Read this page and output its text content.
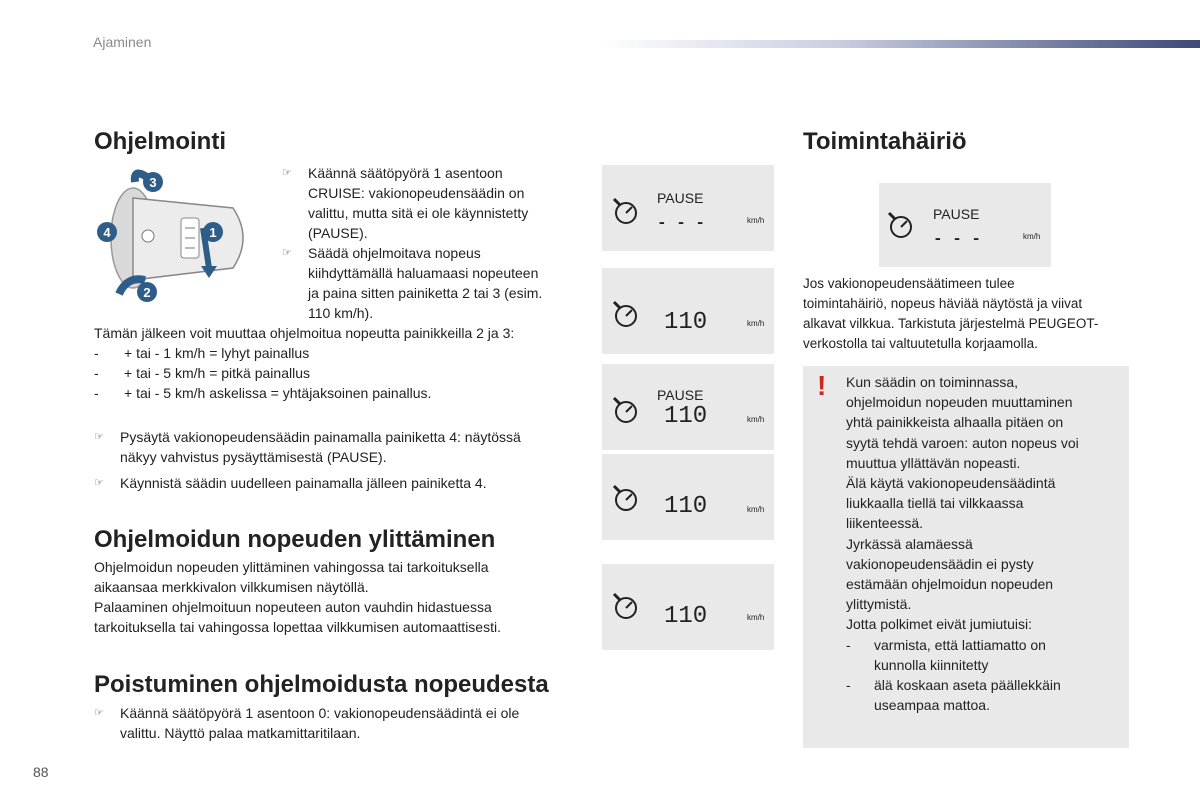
Ajaminen
Ohjelmointi
3
1
4
2
☞ Käännä säätöpyörä 1 asentoon
CRUISE: vakionopeudensäädin on
valittu, mutta sitä ei ole käynnistetty
(PAUSE).
☞ Säädä ohjelmoitava nopeus
kiihdyttämällä haluamaasi nopeuteen
ja paina sitten painiketta 2 tai 3 (esim.
110 km/h).
Tämän jälkeen voit muuttaa ohjelmoitua nopeutta painikkeilla 2 ja 3:
- + tai - 1 km/h = lyhyt painallus
- + tai - 5 km/h = pitkä painallus
- + tai - 5 km/h askelissa = yhtäjaksoinen painallus.
☞ Pysäytä vakionopeudensäädin painamalla painiketta 4: näytössä
näkyy vahvistus pysäyttämisestä (PAUSE).
☞ Käynnistä säädin uudelleen painamalla jälleen painiketta 4.
Ohjelmoidun nopeuden ylittäminen
Ohjelmoidun nopeuden ylittäminen vahingossa tai tarkoituksella
aikaansaa merkkivalon vilkkumisen näytöllä.
Palaaminen ohjelmoituun nopeuteen auton vauhdin hidastuessa
tarkoituksella tai vahingossa lopettaa vilkkumisen automaattisesti.
Poistuminen ohjelmoidusta nopeudesta
☞ Käännä säätöpyörä 1 asentoon 0: vakionopeudensäädintä ei ole
valittu. Näyttö palaa matkamittaritilaan.
PAUSE
- - -	km/h
110	km/h
PAUSE
110	km/h
110	km/h
110	km/h
Toimintahäiriö
PAUSE
- - -	km/h
Jos vakionopeudensäätimeen tulee
toimintahäiriö, nopeus häviää näytöstä ja viivat
alkavat vilkkua. Tarkistuta järjestelmä PEUGEOT-
verkostolla tai valtuutetulla korjaamolla.
! Kun säädin on toiminnassa,
ohjelmoidun nopeuden muuttaminen
yhtä painikkeista alhaalla pitäen on
syytä tehdä varoen: auton nopeus voi
muuttua yllättävän nopeasti.
Älä käytä vakionopeudensäädintä
liukkaalla tiellä tai vilkkaassa
liikenteessä.
Jyrkässä alamäessä
vakionopeudensäädin ei pysty
estämään ohjelmoidun nopeuden
ylittymistä.
Jotta polkimet eivät jumiutuisi:
- varmista, että lattiamatto on
kunnolla kiinnitetty
- älä koskaan aseta päällekkäin
useampaa mattoa.
88
